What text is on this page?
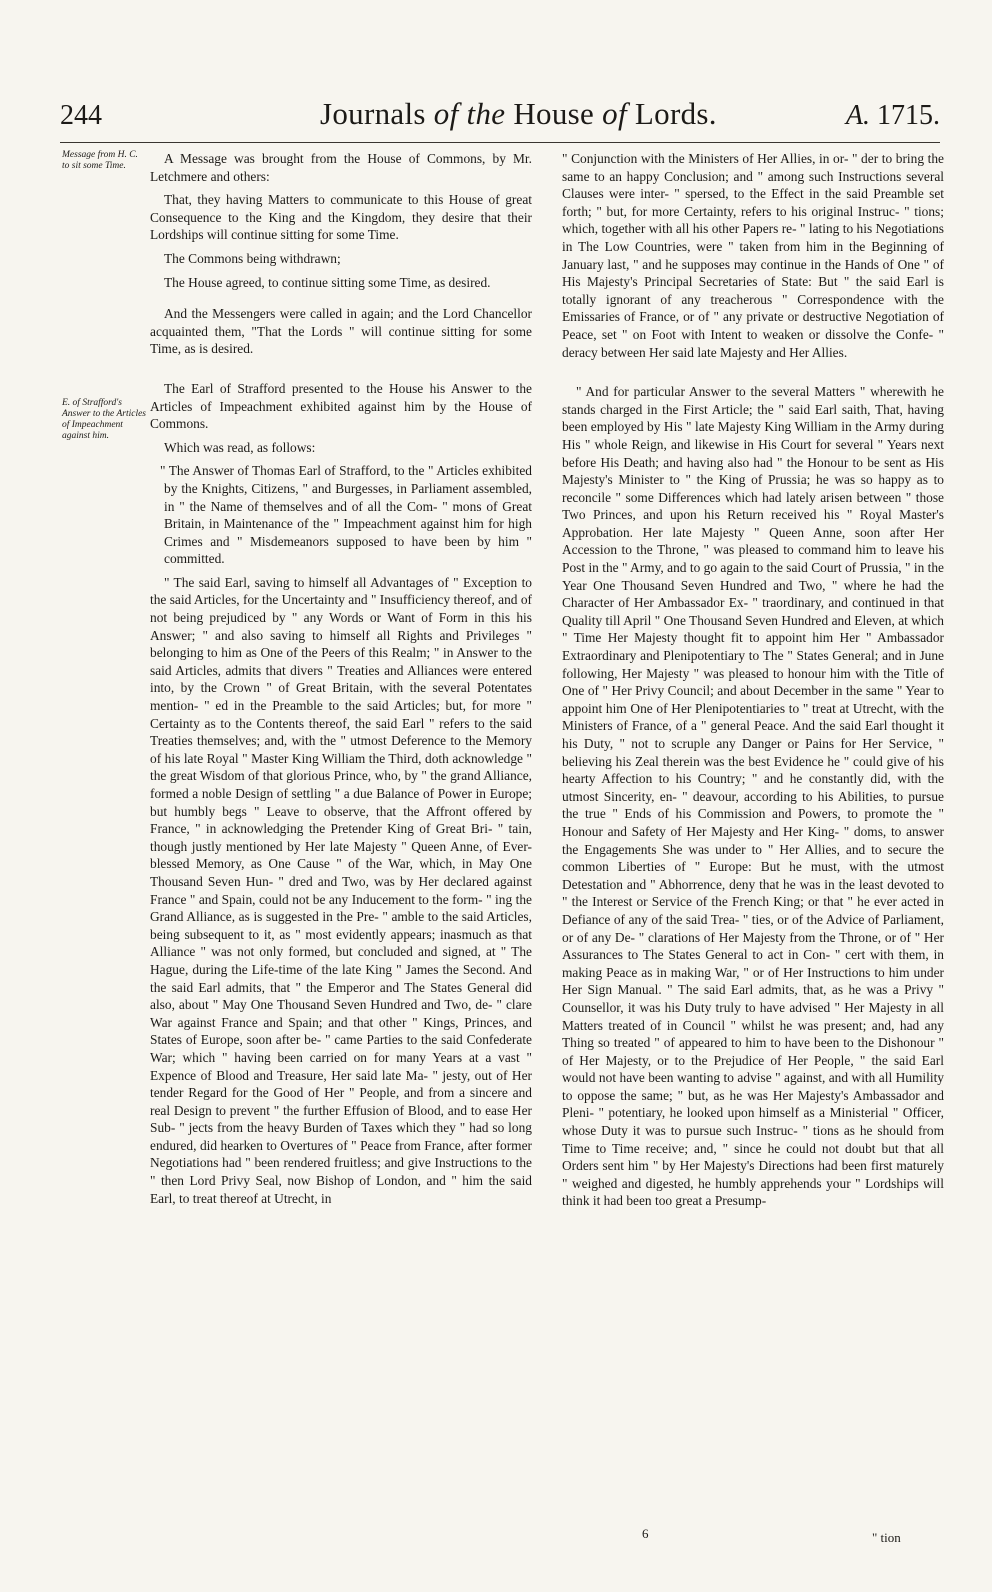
244	Journals of the House of Lords.	A. 1715.
Message from H. C. to sit some Time.
E. of Strafford's Answer to the Articles of Impeachment against him.

A Message was brought from the House of Commons, by Mr. Letchmere and others:

That, they having Matters to communicate to this House of great Consequence to the King and the Kingdom, they desire that their Lordships will continue sitting for some Time.

The Commons being withdrawn;

The House agreed, to continue sitting some Time, as desired.

And the Messengers were called in again; and the Lord Chancellor acquainted them, "That the Lords " will continue sitting for some Time, as is desired.

The Earl of Strafford presented to the House his Answer to the Articles of Impeachment exhibited against him by the House of Commons.

Which was read, as follows:

" The Answer of Thomas Earl of Strafford, to the " Articles exhibited by the Knights, Citizens, " and Burgesses, in Parliament assembled, in " the Name of themselves and of all the Com- " mons of Great Britain, in Maintenance of the " Impeachment against him for high Crimes and " Misdemeanors supposed to have been by him " committed.

" The said Earl, saving to himself all Advantages of " Exception to the said Articles, for the Uncertainty and " Insufficiency thereof, and of not being prejudiced by " any Words or Want of Form in this his Answer; " and also saving to himself all Rights and Privileges " belonging to him as One of the Peers of this Realm; " in Answer to the said Articles, admits that divers " Treaties and Alliances were entered into, by the Crown " of Great Britain, with the several Potentates mention- " ed in the Preamble to the said Articles; but, for more " Certainty as to the Contents thereof, the said Earl " refers to the said Treaties themselves; and, with the " utmost Deference to the Memory of his late Royal " Master King William the Third, doth acknowledge " the great Wisdom of that glorious Prince, who, by " the grand Alliance, formed a noble Design of settling " a due Balance of Power in Europe; but humbly begs " Leave to observe, that the Affront offered by France, " in acknowledging the Pretender King of Great Bri- " tain, though justly mentioned by Her late Majesty " Queen Anne, of Ever-blessed Memory, as One Cause " of the War, which, in May One Thousand Seven Hun- " dred and Two, was by Her declared against France " and Spain, could not be any Inducement to the form- " ing the Grand Alliance, as is suggested in the Pre- " amble to the said Articles, being subsequent to it, as " most evidently appears; inasmuch as that Alliance " was not only formed, but concluded and signed, at " The Hague, during the Life-time of the late King " James the Second. And the said Earl admits, that " the Emperor and The States General did also, about " May One Thousand Seven Hundred and Two, de- " clare War against France and Spain; and that other " Kings, Princes, and States of Europe, soon after be- " came Parties to the said Confederate War; which " having been carried on for many Years at a vast " Expence of Blood and Treasure, Her said late Ma- " jesty, out of Her tender Regard for the Good of Her " People, and from a sincere and real Design to prevent " the further Effusion of Blood, and to ease Her Sub- " jects from the heavy Burden of Taxes which they " had so long endured, did hearken to Overtures of " Peace from France, after former Negotiations had " been rendered fruitless; and give Instructions to the " then Lord Privy Seal, now Bishop of London, and " him the said Earl, to treat thereof at Utrecht, in

" Conjunction with the Ministers of Her Allies, in or- " der to bring the same to an happy Conclusion; and " among such Instructions several Clauses were inter- " spersed, to the Effect in the said Preamble set forth; " but, for more Certainty, refers to his original Instruc- " tions; which, together with all his other Papers re- " lating to his Negotiations in The Low Countries, were " taken from him in the Beginning of January last, " and he supposes may continue in the Hands of One " of His Majesty's Principal Secretaries of State: But " the said Earl is totally ignorant of any treacherous " Correspondence with the Emissaries of France, or of " any private or destructive Negotiation of Peace, set " on Foot with Intent to weaken or dissolve the Confe- " deracy between Her said late Majesty and Her Allies.

" And for particular Answer to the several Matters " wherewith he stands charged in the First Article; the " said Earl saith, That, having been employed by His " late Majesty King William in the Army during His " whole Reign, and likewise in His Court for several " Years next before His Death; and having also had " the Honour to be sent as His Majesty's Minister to " the King of Prussia; he was so happy as to reconcile " some Differences which had lately arisen between " those Two Princes, and upon his Return received his " Royal Master's Approbation. Her late Majesty " Queen Anne, soon after Her Accession to the Throne, " was pleased to command him to leave his Post in the " Army, and to go again to the said Court of Prussia, " in the Year One Thousand Seven Hundred and Two, " where he had the Character of Her Ambassador Ex- " traordinary, and continued in that Quality till April " One Thousand Seven Hundred and Eleven, at which " Time Her Majesty thought fit to appoint him Her " Ambassador Extraordinary and Plenipotentiary to The " States General; and in June following, Her Majesty " was pleased to honour him with the Title of One of " Her Privy Council; and about December in the same " Year to appoint him One of Her Plenipotentiaries to " treat at Utrecht, with the Ministers of France, of a " general Peace. And the said Earl thought it his Duty, " not to scruple any Danger or Pains for Her Service, " believing his Zeal therein was the best Evidence he " could give of his hearty Affection to his Country; " and he constantly did, with the utmost Sincerity, en- " deavour, according to his Abilities, to pursue the true " Ends of his Commission and Powers, to promote the " Honour and Safety of Her Majesty and Her King- " doms, to answer the Engagements She was under to " Her Allies, and to secure the common Liberties of " Europe: But he must, with the utmost Detestation and " Abhorrence, deny that he was in the least devoted to " the Interest or Service of the French King; or that " he ever acted in Defiance of any of the said Trea- " ties, or of the Advice of Parliament, or of any De- " clarations of Her Majesty from the Throne, or of " Her Assurances to The States General to act in Con- " cert with them, in making Peace as in making War, " or of Her Instructions to him under Her Sign Manual. " The said Earl admits, that, as he was a Privy " Counsellor, it was his Duty truly to have advised " Her Majesty in all Matters treated of in Council " whilst he was present; and, had any Thing so treated " of appeared to him to have been to the Dishonour " of Her Majesty, or to the Prejudice of Her People, " the said Earl would not have been wanting to advise " against, and with all Humility to oppose the same; " but, as he was Her Majesty's Ambassador and Pleni- " potentiary, he looked upon himself as a Ministerial " Officer, whose Duty it was to pursue such Instruc- " tions as he should from Time to Time receive; and, " since he could not doubt but that all Orders sent him " by Her Majesty's Directions had been first maturely " weighed and digested, he humbly apprehends your " Lordships will think it had been too great a Presump-

6	" tion
